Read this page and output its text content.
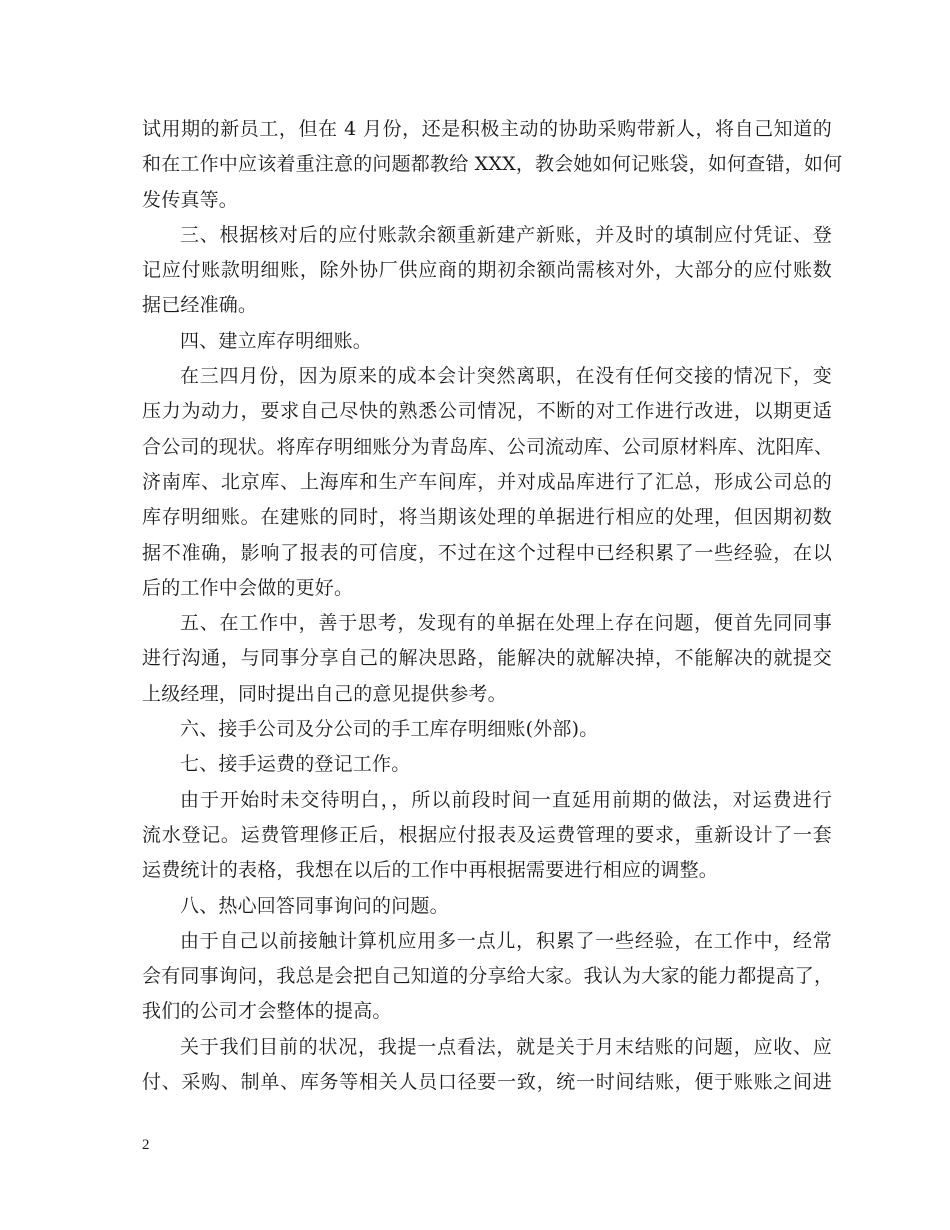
试用期的新员工，但在 4 月份，还是积极主动的协助采购带新人，将自己知道的
和在工作中应该着重注意的问题都教给 XXX，教会她如何记账袋，如何查错，如何
发传真等。
三、根据核对后的应付账款余额重新建产新账，并及时的填制应付凭证、登
记应付账款明细账，除外协厂供应商的期初余额尚需核对外，大部分的应付账数
据已经准确。
四、建立库存明细账。
在三四月份，因为原来的成本会计突然离职，在没有任何交接的情况下，变
压力为动力，要求自己尽快的熟悉公司情况，不断的对工作进行改进，以期更适
合公司的现状。将库存明细账分为青岛库、公司流动库、公司原材料库、沈阳库、
济南库、北京库、上海库和生产车间库，并对成品库进行了汇总，形成公司总的
库存明细账。在建账的同时，将当期该处理的单据进行相应的处理，但因期初数
据不准确，影响了报表的可信度，不过在这个过程中已经积累了一些经验，在以
后的工作中会做的更好。
五、在工作中，善于思考，发现有的单据在处理上存在问题，便首先同同事
进行沟通，与同事分享自己的解决思路，能解决的就解决掉，不能解决的就提交
上级经理，同时提出自己的意见提供参考。
六、接手公司及分公司的手工库存明细账(外部)。
七、接手运费的登记工作。
由于开始时未交待明白，，所以前段时间一直延用前期的做法，对运费进行
流水登记。运费管理修正后，根据应付报表及运费管理的要求，重新设计了一套
运费统计的表格，我想在以后的工作中再根据需要进行相应的调整。
八、热心回答同事询问的问题。
由于自己以前接触计算机应用多一点儿，积累了一些经验，在工作中，经常
会有同事询问，我总是会把自己知道的分享给大家。我认为大家的能力都提高了，
我们的公司才会整体的提高。
关于我们目前的状况，我提一点看法，就是关于月末结账的问题，应收、应
付、采购、制单、库务等相关人员口径要一致，统一时间结账，便于账账之间进
2
